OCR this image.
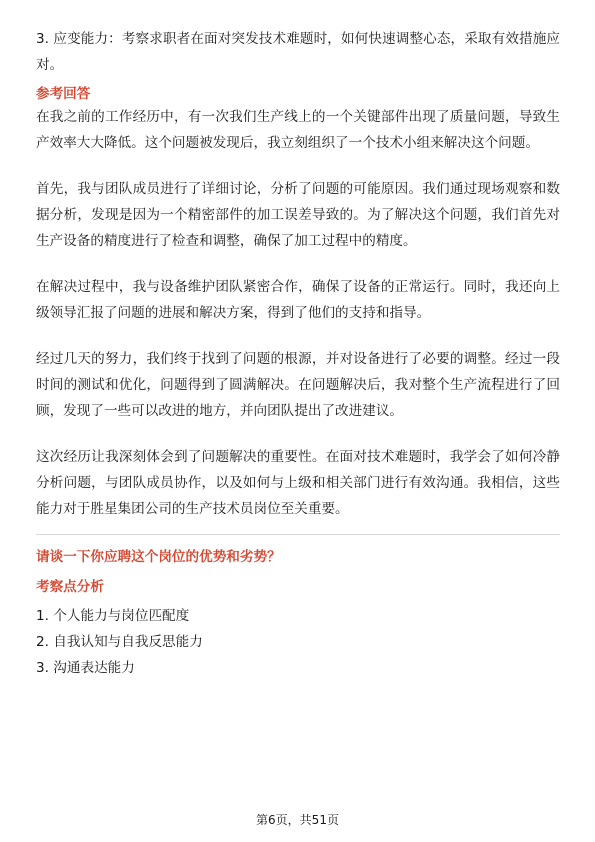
3. 应变能力：考察求职者在面对突发技术难题时，如何快速调整心态，采取有效措施应对。

参考回答

在我之前的工作经历中，有一次我们生产线上的一个关键部件出现了质量问题，导致生产效率大大降低。这个问题被发现后，我立刻组织了一个技术小组来解决这个问题。

首先，我与团队成员进行了详细讨论，分析了问题的可能原因。我们通过现场观察和数据分析，发现是因为一个精密部件的加工误差导致的。为了解决这个问题，我们首先对生产设备的精度进行了检查和调整，确保了加工过程中的精度。

在解决过程中，我与设备维护团队紧密合作，确保了设备的正常运行。同时，我还向上级领导汇报了问题的进展和解决方案，得到了他们的支持和指导。

经过几天的努力，我们终于找到了问题的根源，并对设备进行了必要的调整。经过一段时间的测试和优化，问题得到了圆满解决。在问题解决后，我对整个生产流程进行了回顾，发现了一些可以改进的地方，并向团队提出了改进建议。

这次经历让我深刻体会到了问题解决的重要性。在面对技术难题时，我学会了如何冷静分析问题，与团队成员协作，以及如何与上级和相关部门进行有效沟通。我相信，这些能力对于胜星集团公司的生产技术员岗位至关重要。

请谈一下你应聘这个岗位的优势和劣势？

考察点分析

1. 个人能力与岗位匹配度

2. 自我认知与自我反思能力

3. 沟通表达能力

第6页，共51页
